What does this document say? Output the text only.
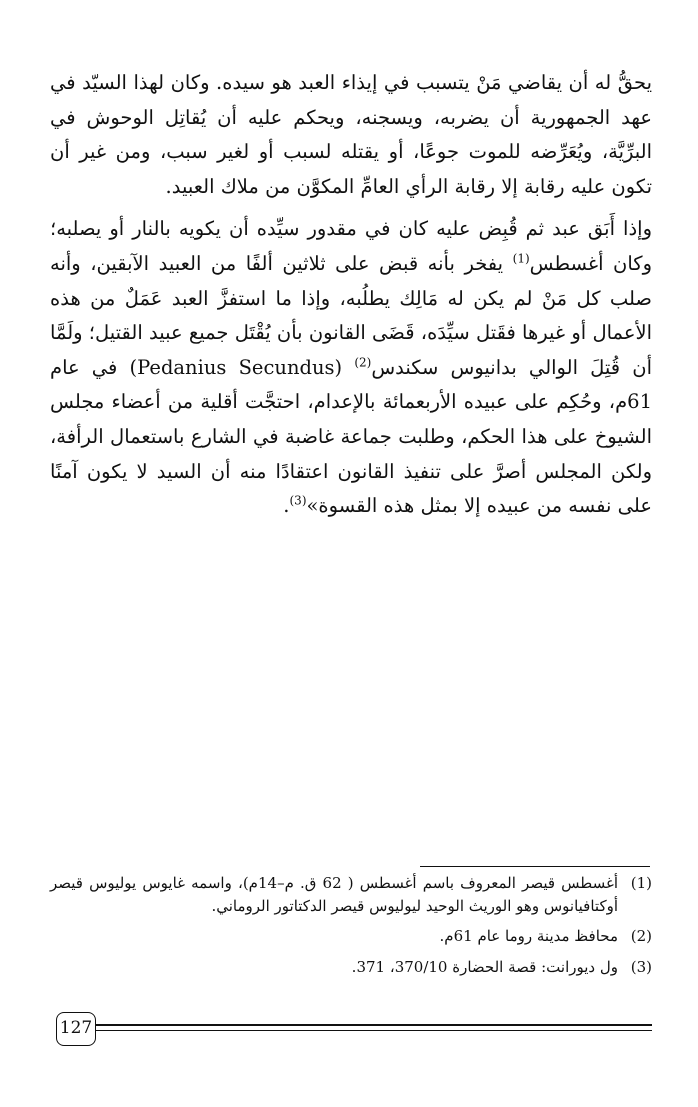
يحقُّ له أن يقاضي مَنْ يتسبب في إيذاء العبد هو سيده. وكان لهذا السيّد في عهد الجمهورية أن يضربه، ويسجنه، ويحكم عليه أن يُقاتِل الوحوش في البرِّيَّة، ويُعَرِّضه للموت جوعًا، أو يقتله لسبب أو لغير سبب، ومن غير أن تكون عليه رقابة إلا رقابة الرأي العامِّ المكوَّن من ملاك العبيد.

وإذا أَبَق عبد ثم قُبِض عليه كان في مقدور سيِّده أن يكويه بالنار أو يصلبه؛ وكان أغسطس$^{(1)}$ يفخر بأنه قبض على ثلاثين ألفًا من العبيد الآبقين، وأنه صلب كل مَنْ لم يكن له مَالِك يطلُبه، وإذا ما استفزَّ العبد عَمَلٌ من هذه الأعمال أو غيرها فقَتل سيِّدَه، قَضَى القانون بأن يُقْتَل جميع عبيد القتيل؛ ولَمَّا أن قُتِلَ الوالي بدانيوس سكندس$^{(2)}$ (Pedanius Secundus) في عام 61م، وحُكِم على عبيده الأربعمائة بالإعدام، احتجَّت أقلية من أعضاء مجلس الشيوخ على هذا الحكم، وطلبت جماعة غاضبة في الشارع باستعمال الرأفة، ولكن المجلس أصرَّ على تنفيذ القانون اعتقادًا منه أن السيد لا يكون آمنًا على نفسه من عبيده إلا بمثل هذه القسوة»$^{(3)}$.

(1)
أغسطس قيصر المعروف باسم أغسطس ( 62 ق. م–14م)، واسمه غايوس يوليوس قيصر أوكتافيانوس وهو الوريث الوحيد ليوليوس قيصر الدكتاتور الروماني.
(2)
محافظ مدينة روما عام 61م.
(3)
ول ديورانت: قصة الحضارة 370/10، 371.
127
